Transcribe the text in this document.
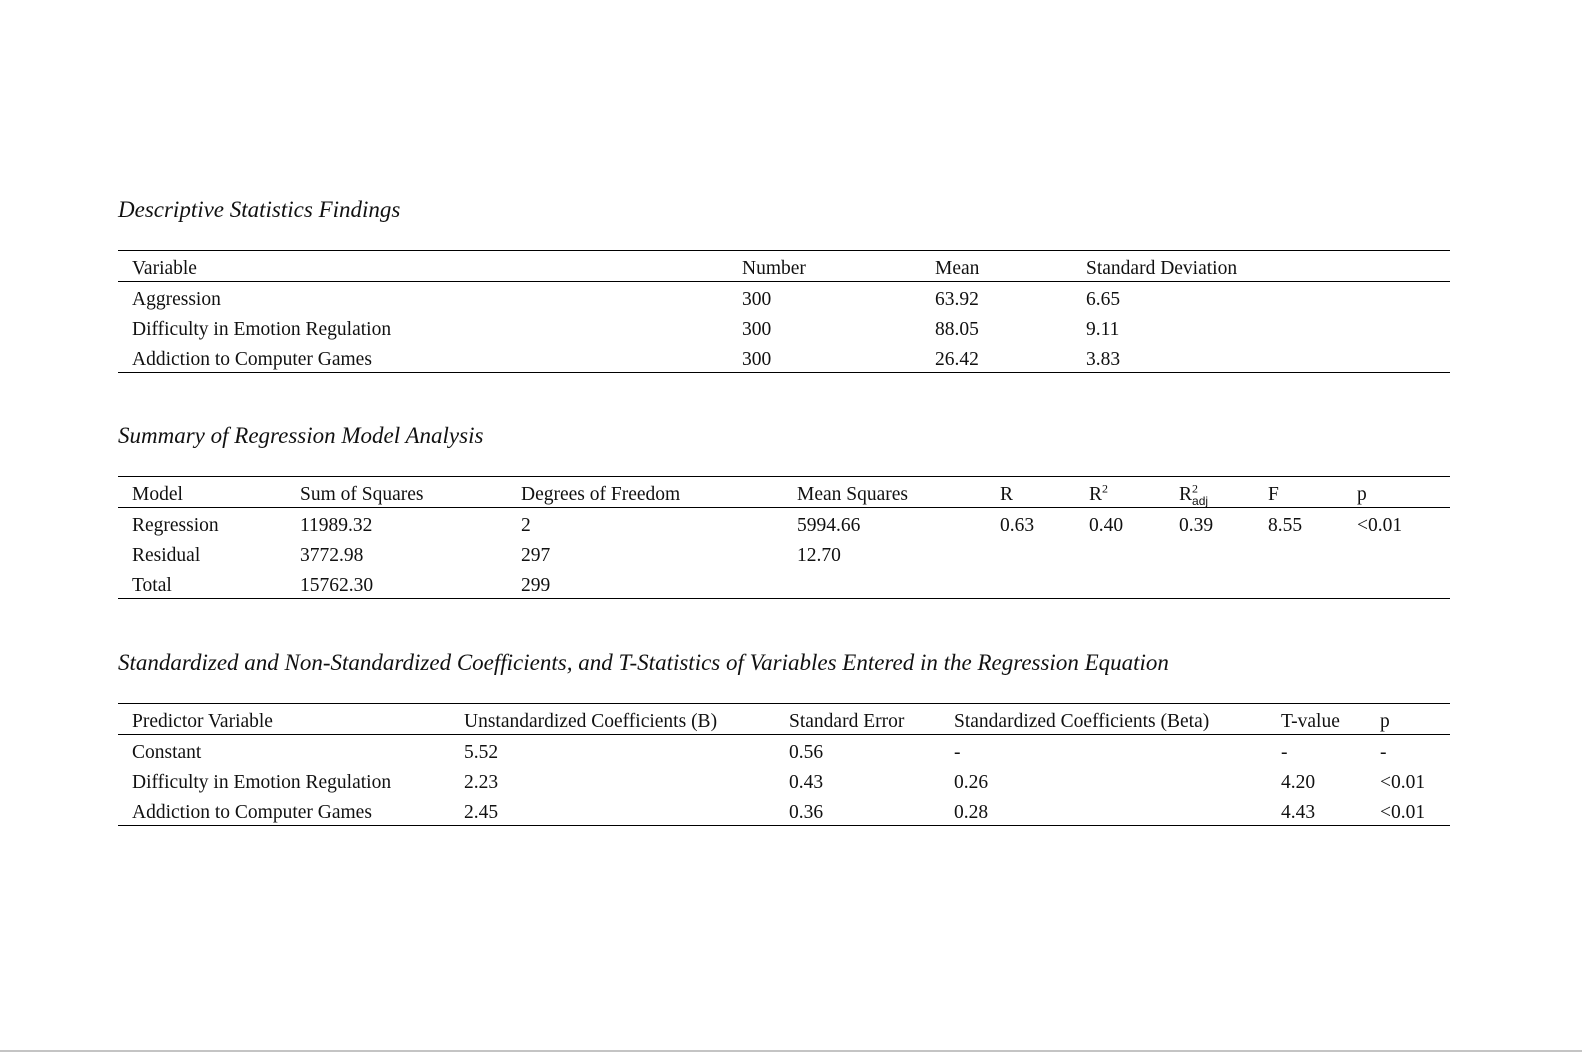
Descriptive Statistics Findings
Variable	Number	Mean	Standard Deviation
Aggression	300	63.92	6.65
Difficulty in Emotion Regulation	300	88.05	9.11
Addiction to Computer Games	300	26.42	3.83
Summary of Regression Model Analysis
Model	Sum of Squares	Degrees of Freedom	Mean Squares	R	$R^2$	$R^2_{adj}$	F	p
Regression	11989.32	2	5994.66	0.63	0.40	0.39	8.55	<0.01
Residual	3772.98	297	12.70
Total	15762.30	299
Standardized and Non-Standardized Coefficients, and T-Statistics of Variables Entered in the Regression Equation
Predictor Variable	Unstandardized Coefficients (B)	Standard Error	Standardized Coefficients (Beta)	T-value p
Constant	5.52	0.56	-	-	-
Difficulty in Emotion Regulation	2.23	0.43	0.26	4.20	<0.01
Addiction to Computer Games	2.45	0.36	0.28	4.43	<0.01
